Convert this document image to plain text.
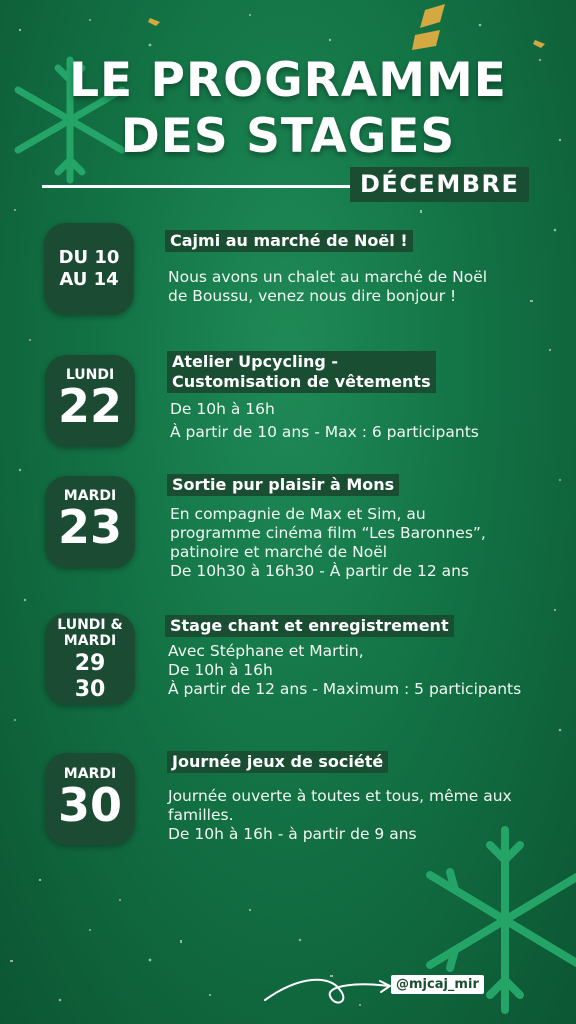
LE PROGRAMME
DES STAGES
DÉCEMBRE
DU 10
AU 14
Cajmi au marché de Noël !
Nous avons un chalet au marché de Noël
de Boussu, venez nous dire bonjour !
LUNDI
22
Atelier Upcycling -
Customisation de vêtements
De 10h à 16h
À partir de 10 ans - Max : 6 participants
MARDI
23
Sortie pur plaisir à Mons
En compagnie de Max et Sim, au
programme cinéma film “Les Baronnes”,
patinoire et marché de Noël
De 10h30 à 16h30 - À partir de 12 ans
LUNDI &
MARDI
29
30
Stage chant et enregistrement
Avec Stéphane et Martin,
De 10h à 16h
À partir de 12 ans - Maximum : 5 participants
MARDI
30
Journée jeux de société
Journée ouverte à toutes et tous, même aux
familles.
De 10h à 16h - à partir de 9 ans
@mjcaj_mir
